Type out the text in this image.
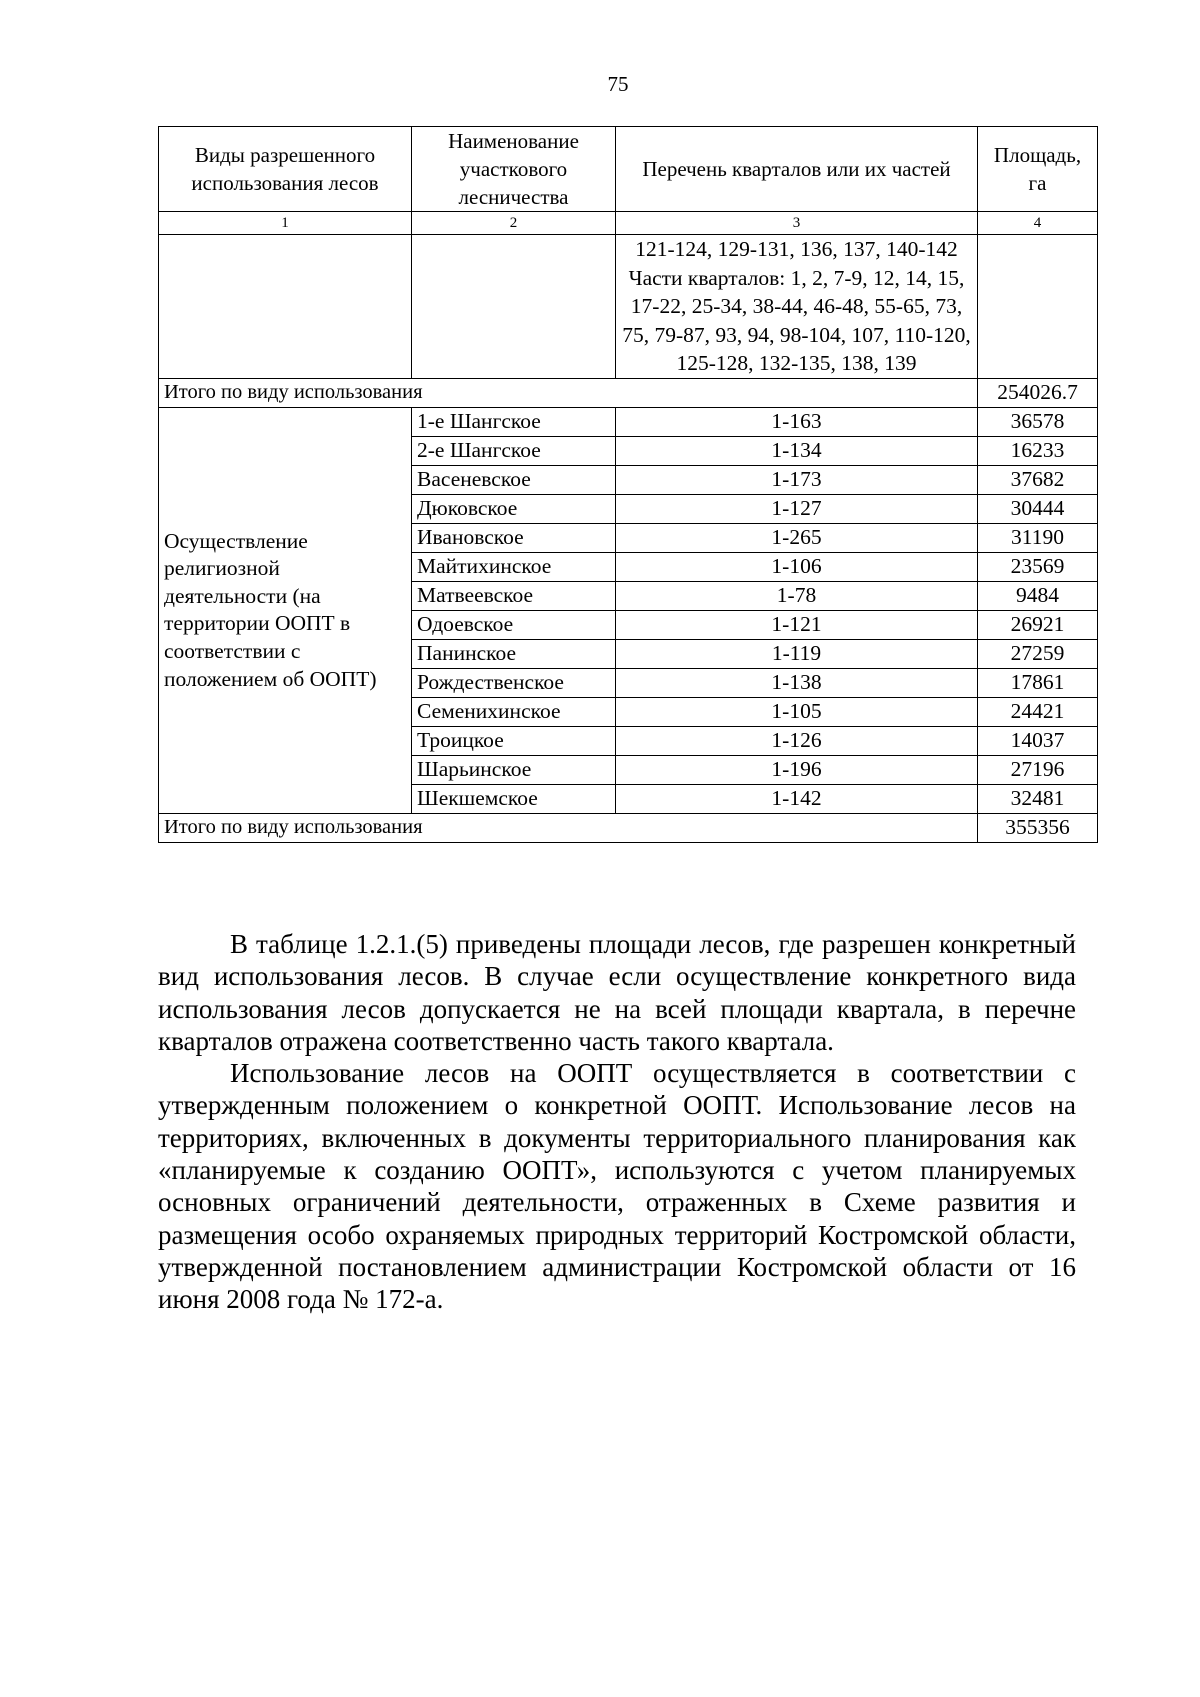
75
Виды разрешенного использования лесов	Наименование участкового лесничества	Перечень кварталов или их частей	Площадь, га
1	2	3	4

		121-124, 129-131, 136, 137, 140-142
Части кварталов: 1, 2, 7-9, 12, 14, 15, 17-22, 25-34, 38-44, 46-48, 55-65, 73, 75, 79-87, 93, 94, 98-104, 107, 110-120, 125-128, 132-135, 138, 139	

Итого по виду использования			254026.7
Осуществление религиозной деятельности (на территории ООПТ в соответствии с положением об ООПТ)	1-е Шангское	1-163	36578
	2-е Шангское	1-134	16233
	Васеневское	1-173	37682
	Дюковское	1-127	30444
	Ивановское	1-265	31190
	Майтихинское	1-106	23569
	Матвеевское	1-78	9484
	Одоевское	1-121	26921
	Панинское	1-119	27259
	Рождественское	1-138	17861
	Семенихинское	1-105	24421
	Троицкое	1-126	14037
	Шарьинское	1-196	27196
	Шекшемское	1-142	32481
Итого по виду использования			355356

В таблице 1.2.1.(5) приведены площади лесов, где разрешен конкретный вид использования лесов. В случае если осуществление конкретного вида использования лесов допускается не на всей площади квартала, в перечне кварталов отражена соответственно часть такого квартала.

Использование лесов на ООПТ осуществляется в соответствии с утвержденным положением о конкретной ООПТ. Использование лесов на территориях, включенных в документы территориального планирования как «планируемые к созданию ООПТ», используются с учетом планируемых основных ограничений деятельности, отраженных в Схеме развития и размещения особо охраняемых природных территорий Костромской области, утвержденной постановлением администрации Костромской области от 16 июня 2008 года № 172-а.
